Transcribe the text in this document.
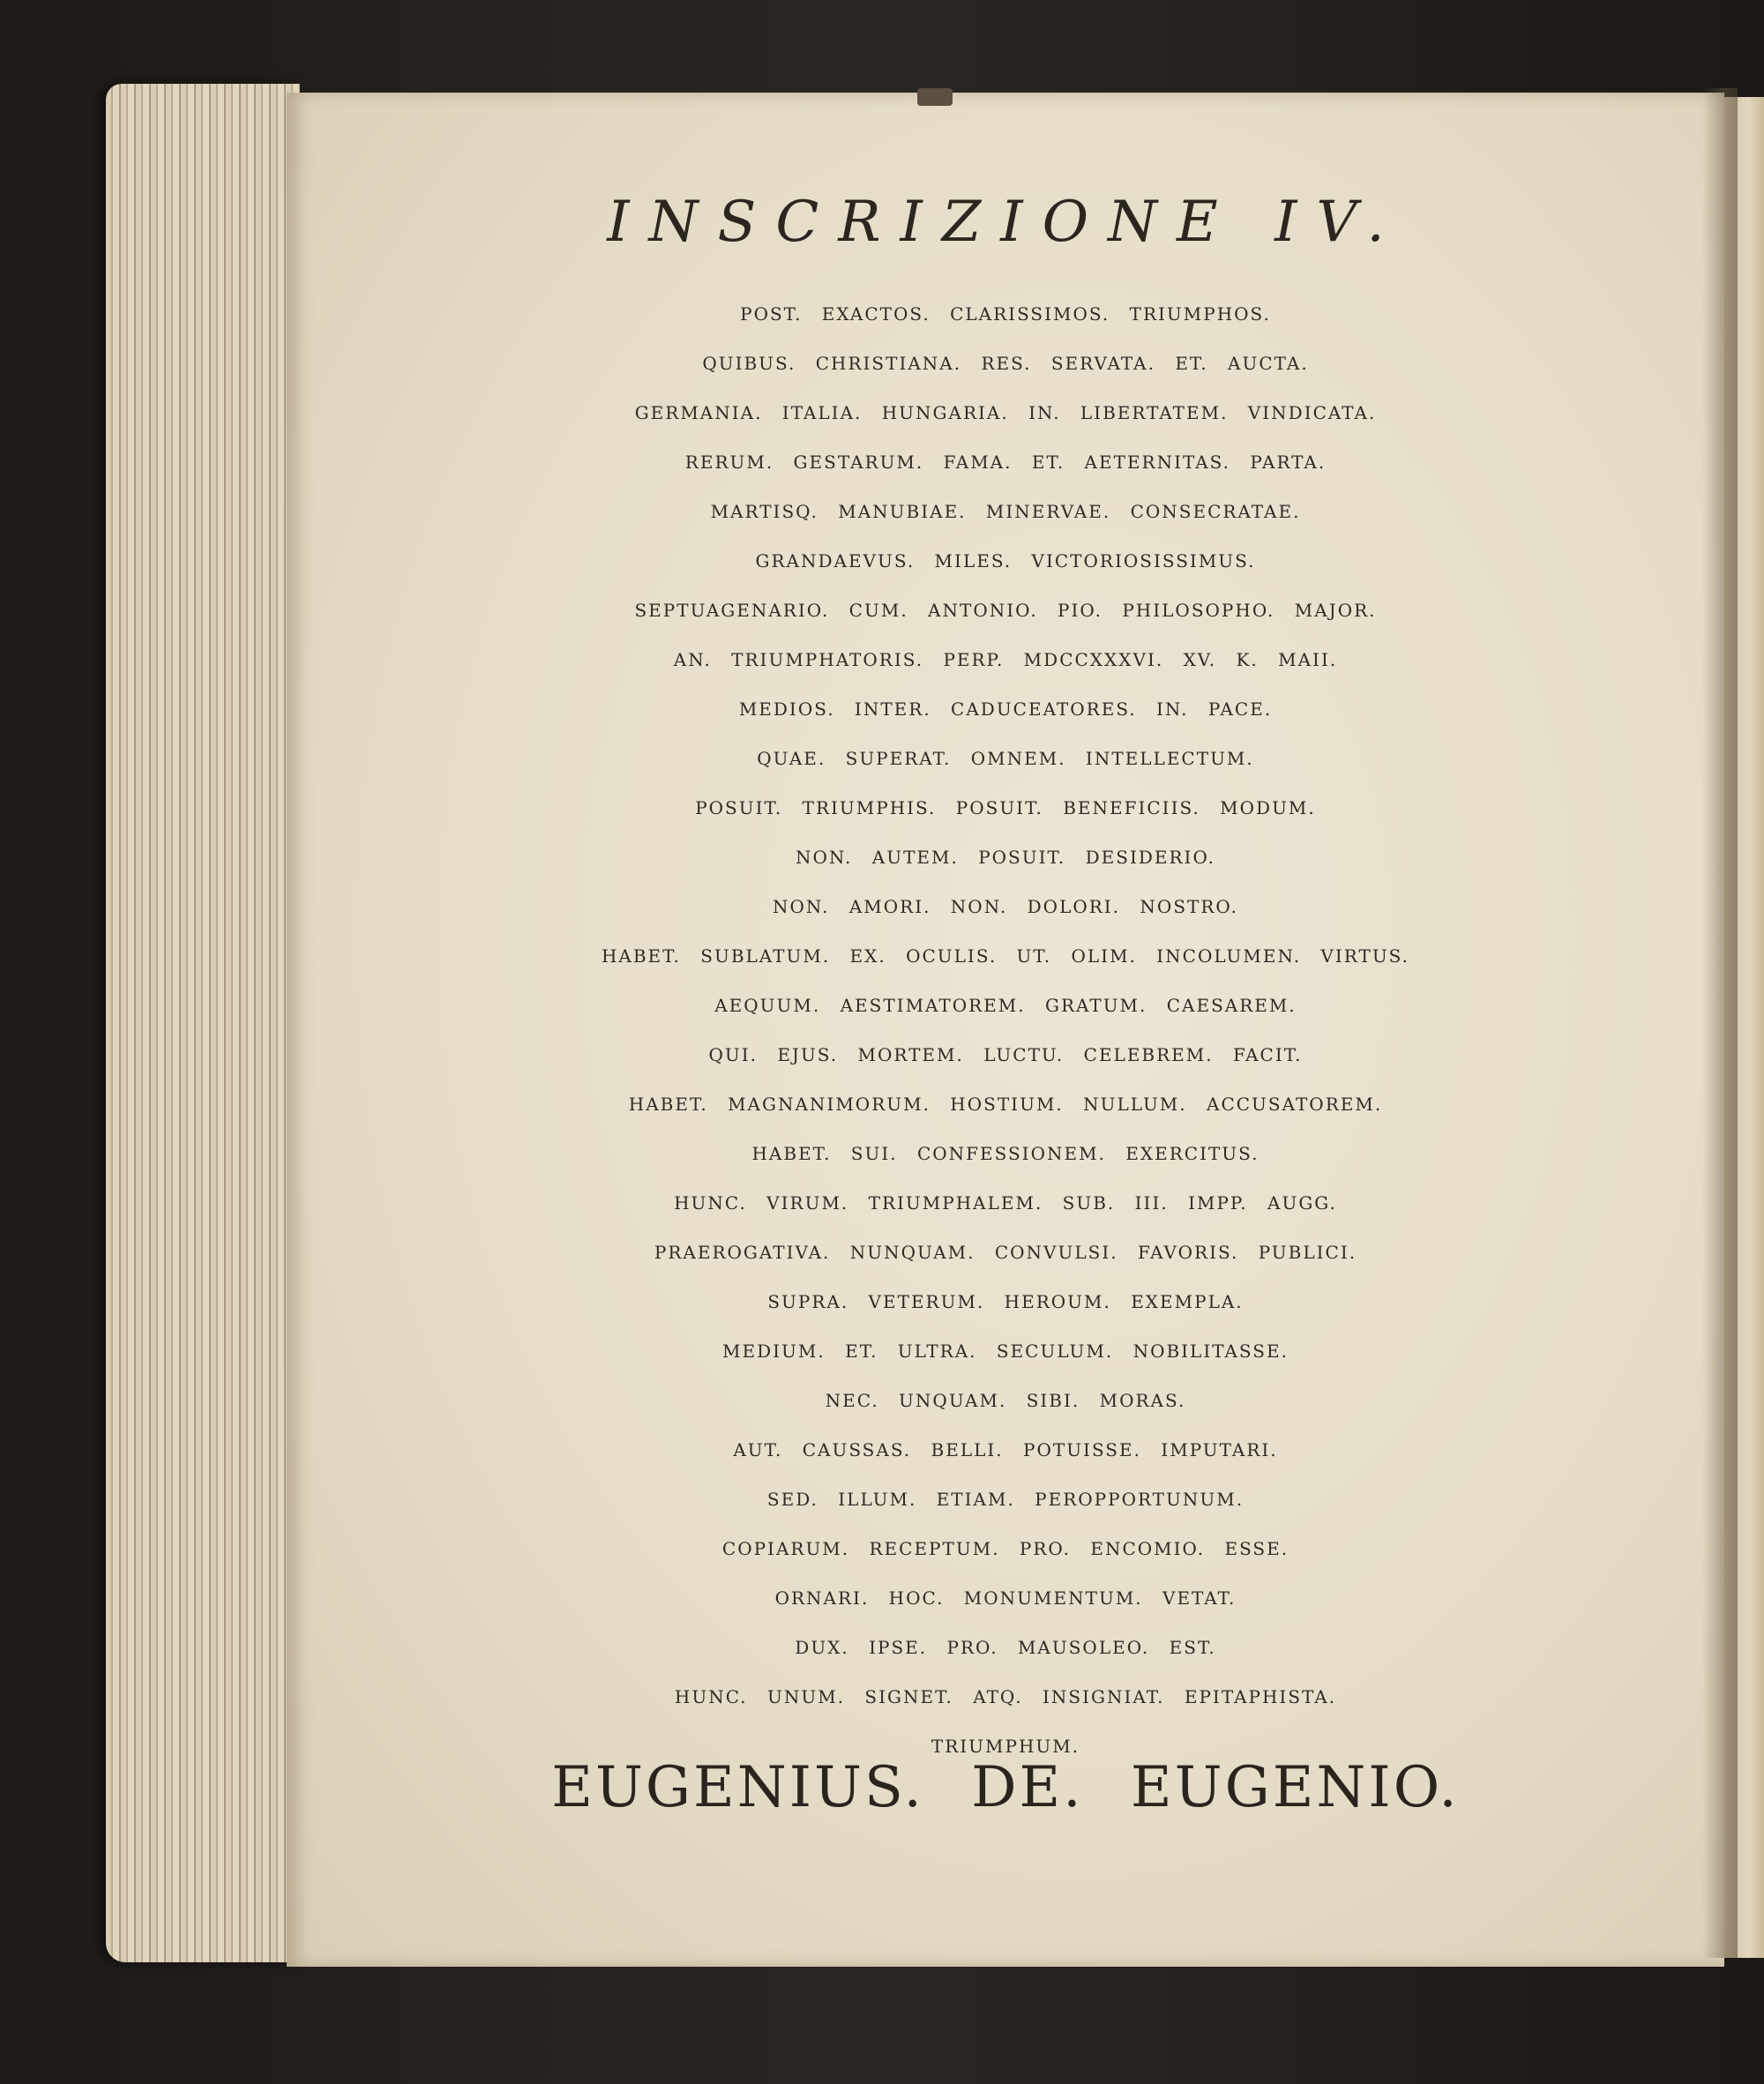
INSCRIZIONE IV.
POST. EXACTOS. CLARISSIMOS. TRIUMPHOS.
QUIBUS. CHRISTIANA. RES. SERVATA. ET. AUCTA.
GERMANIA. ITALIA. HUNGARIA. IN. LIBERTATEM. VINDICATA.
RERUM. GESTARUM. FAMA. ET. AETERNITAS. PARTA.
MARTISQ. MANUBIAE. MINERVAE. CONSECRATAE.
GRANDAEVUS. MILES. VICTORIOSISSIMUS.
SEPTUAGENARIO. CUM. ANTONIO. PIO. PHILOSOPHO. MAJOR.
AN. TRIUMPHATORIS. PERP. MDCCXXXVI. XV. K. MAII.
MEDIOS. INTER. CADUCEATORES. IN. PACE.
QUAE. SUPERAT. OMNEM. INTELLECTUM.
POSUIT. TRIUMPHIS. POSUIT. BENEFICIIS. MODUM.
NON. AUTEM. POSUIT. DESIDERIO.
NON. AMORI. NON. DOLORI. NOSTRO.
HABET. SUBLATUM. EX. OCULIS. UT. OLIM. INCOLUMEN. VIRTUS.
AEQUUM. AESTIMATOREM. GRATUM. CAESAREM.
QUI. EJUS. MORTEM. LUCTU. CELEBREM. FACIT.
HABET. MAGNANIMORUM. HOSTIUM. NULLUM. ACCUSATOREM.
HABET. SUI. CONFESSIONEM. EXERCITUS.
HUNC. VIRUM. TRIUMPHALEM. SUB. III. IMPP. AUGG.
PRAEROGATIVA. NUNQUAM. CONVULSI. FAVORIS. PUBLICI.
SUPRA. VETERUM. HEROUM. EXEMPLA.
MEDIUM. ET. ULTRA. SECULUM. NOBILITASSE.
NEC. UNQUAM. SIBI. MORAS.
AUT. CAUSSAS. BELLI. POTUISSE. IMPUTARI.
SED. ILLUM. ETIAM. PEROPPORTUNUM.
COPIARUM. RECEPTUM. PRO. ENCOMIO. ESSE.
ORNARI. HOC. MONUMENTUM. VETAT.
DUX. IPSE. PRO. MAUSOLEO. EST.
HUNC. UNUM. SIGNET. ATQ. INSIGNIAT. EPITAPHISTA.
TRIUMPHUM.
EUGENIUS. DE. EUGENIO.
